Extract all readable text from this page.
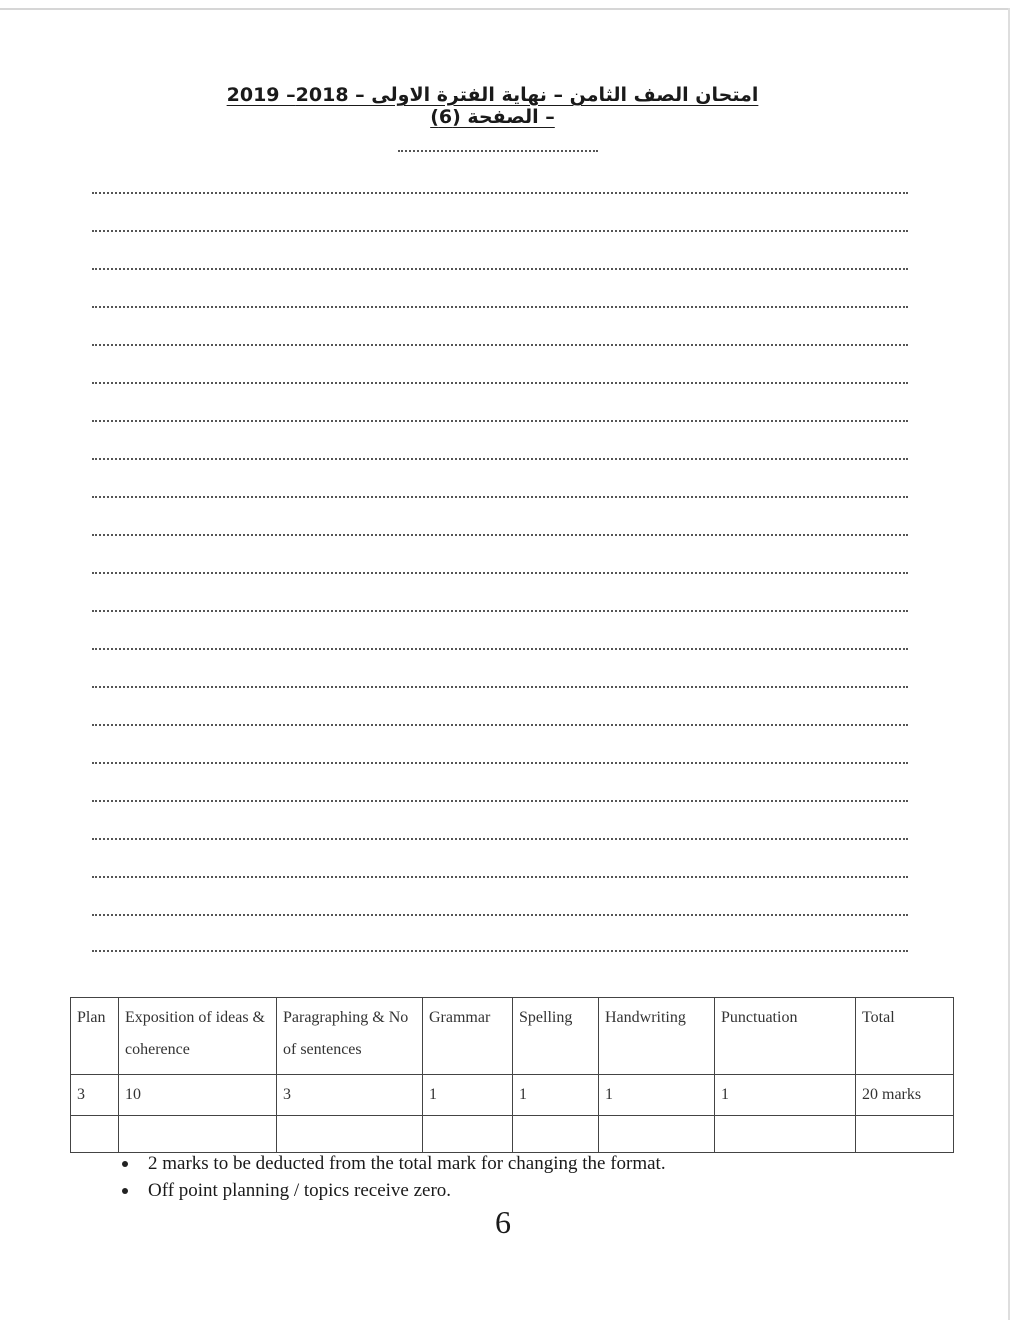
امتحان الصف الثامن – نهاية الفترة الاولى – 2018– 2019 – الصفحة (6)
Plan	Exposition of ideas & coherence	Paragraphing & No of sentences	Grammar	Spelling	Handwriting	Punctuation	Total
3	10	3	1	1	1	1	20 marks

2 marks to be deducted from the total mark for changing the format.
Off point planning / topics receive zero.
6
